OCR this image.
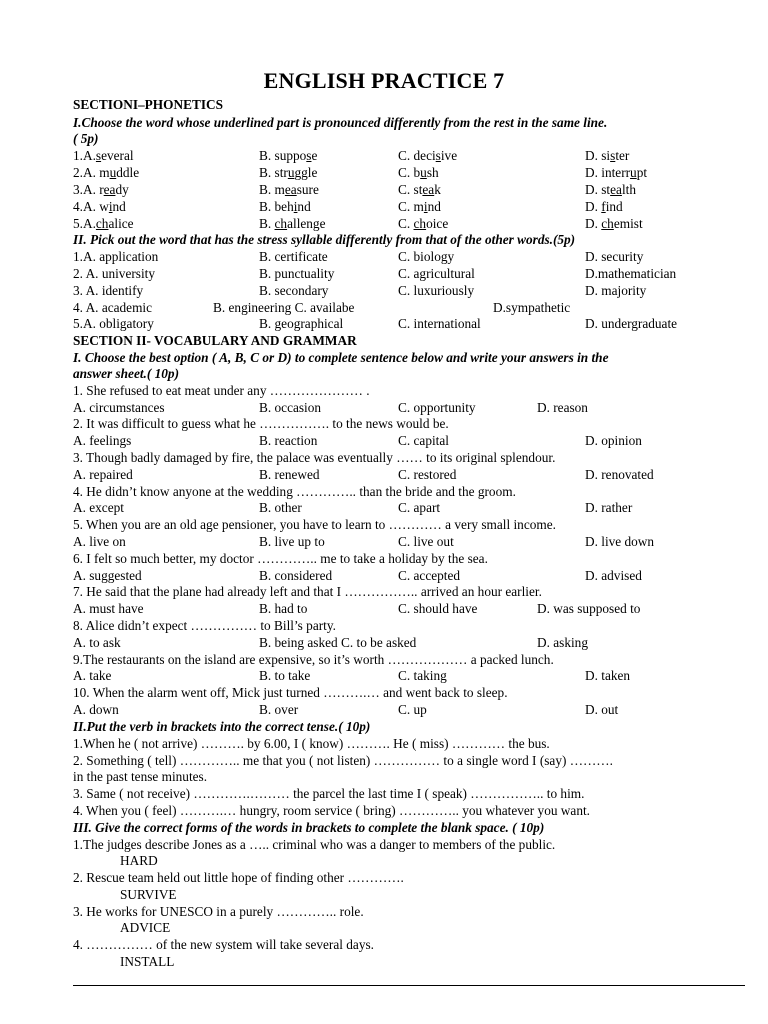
ENGLISH PRACTICE 7
SECTIONI–PHONETICS
I.Choose the word whose underlined part is pronounced differently from the rest in the same line.
( 5p)
1.A.several	B. suppose	C. decisive	D. sister
2.A. muddle	B. struggle	C. bush	D. interrupt
3.A. ready	B. measure	C. steak	D. stealth
4.A. wind	B. behind	C. mind	D. find
5.A.chalice	B. challenge	C. choice	D. chemist
II. Pick out the word that has the stress syllable differently from that of the other words.(5p)
1.A. application	B. certificate	C. biology	D. security
2. A. university	B. punctuality	C. agricultural	D.mathematician
3. A. identify	B. secondary	C. luxuriously	D. majority
4. A. academic	B. engineering C. availabe	D.sympathetic
5.A. obligatory	B. geographical	C. international	D. undergraduate
SECTION II- VOCABULARY AND GRAMMAR
I. Choose the best option ( A, B, C or D) to complete sentence below and write your answers in the
answer sheet.( 10p)
1. She refused to eat meat under any ………………… .
A. circumstances	B. occasion	C. opportunity	D. reason
2. It was difficult to guess what he ……………. to the news would be.
A. feelings	B. reaction	C. capital	D. opinion
3. Though badly damaged by fire, the palace was eventually …… to its original splendour.
A. repaired	B. renewed	C. restored	D. renovated
4. He didn’t know anyone at the wedding ………….. than the bride and the groom.
A. except	B. other	C. apart	D. rather
5. When you are an old age pensioner, you have to learn to ………… a very small income.
A. live on	B. live up to	C. live out	D. live down
6. I felt so much better, my doctor ………….. me to take a holiday by the sea.
A. suggested	B. considered	C. accepted	D. advised
7. He said that the plane had already left and that I …………….. arrived an hour earlier.
A. must have	B. had to	C. should have	D. was supposed to
8. Alice didn’t expect …………… to Bill’s party.
A. to ask	B. being asked C. to be asked	D. asking
9.The restaurants on the island are expensive, so it’s worth ……………… a packed lunch.
A. take	B. to take	C. taking	D. taken
10. When the alarm went off, Mick just turned ……….… and went back to sleep.
A. down	B. over	C. up	D. out
II.Put the verb in brackets into the correct tense.( 10p)
1.When he ( not arrive) ………. by 6.00, I ( know) ………. He ( miss) ………… the bus.
2. Something ( tell) ………….. me that you ( not listen) …………… to a single word I (say) ……….
in the past tense minutes.
3. Same ( not receive) ………….……… the parcel the last time I ( speak) …………….. to him.
4. When you ( feel) ……….… hungry, room service ( bring) ………….. you whatever you want.
III. Give the correct forms of the words in brackets to complete the blank space. ( 10p)
1.The judges describe Jones as a ….. criminal who was a danger to members of the public.
HARD
2. Rescue team held out little hope of finding other ………….
SURVIVE
3. He works for UNESCO in a purely ………….. role.
ADVICE
4. …………… of the new system will take several days.
INSTALL
